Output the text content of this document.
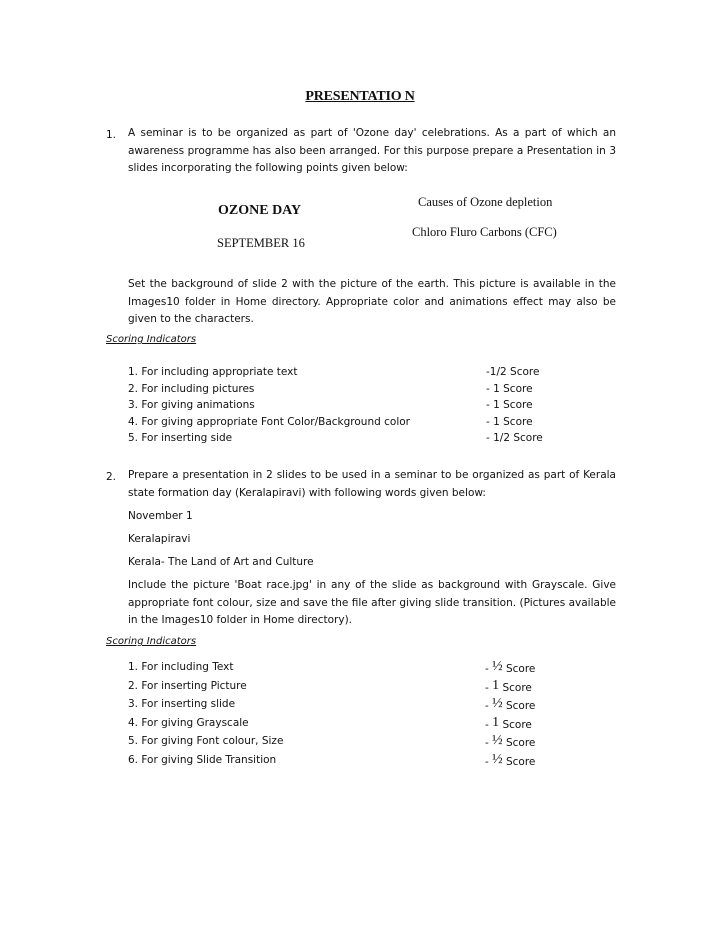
PRESENTATIO N
1. A seminar is to be organized as part of 'Ozone day' celebrations. As a part of which an awareness programme has also been arranged. For this purpose prepare a Presentation in 3 slides incorporating the following points given below:
Causes of Ozone depletion
OZONE DAY
Chloro Fluro Carbons (CFC)
SEPTEMBER 16
Set the background of slide 2 with the picture of the earth. This picture is available in the Images10 folder in Home directory. Appropriate color and animations effect may also be given to the characters.
Scoring Indicators
1. For including appropriate text	-1/2 Score
2. For including pictures	- 1 Score
3. For giving animations	- 1 Score
4. For giving appropriate Font Color/Background color	- 1 Score
5. For inserting side	- 1/2 Score
2. Prepare a presentation in 2 slides to be used in a seminar to be organized as part of Kerala state formation day (Keralapiravi) with following words given below:
November 1
Keralapiravi
Kerala- The Land of Art and Culture
Include the picture 'Boat race.jpg' in any of the slide as background with Grayscale. Give appropriate font colour, size and save the file after giving slide transition. (Pictures available in the Images10 folder in Home directory).
Scoring Indicators
1. For including Text	- ½ Score
2. For inserting Picture	- 1 Score
3. For inserting slide	- ½ Score
4. For giving Grayscale	- 1 Score
5. For giving Font colour, Size	- ½ Score
6. For giving Slide Transition	- ½ Score
